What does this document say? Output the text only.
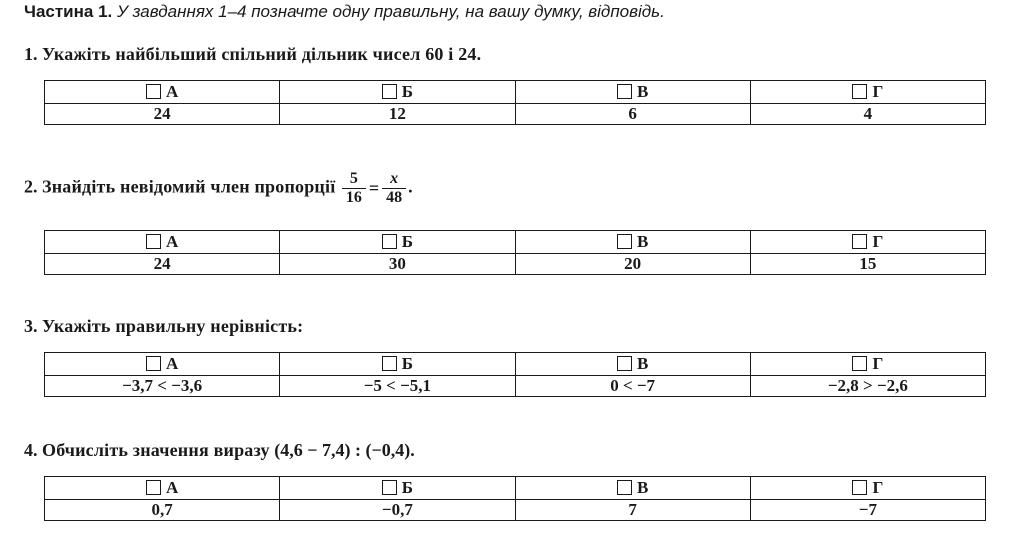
Частина 1. У завданнях 1–4 позначте одну правильну, на вашу думку, відповідь.
1. Укажіть найбільший спільний дільник чисел 60 і 24.
А	Б	В	Г
24	12	6	4
2. Знайдіть невідомий член пропорції $\frac{5}{16} = \frac{x}{48}$ .
А	Б	В	Г
24	30	20	15
3. Укажіть правильну нерівність:
А	Б	В	Г
−3,7 < −3,6	−5 < −5,1	0 < −7	−2,8 > −2,6
4. Обчисліть значення виразу (4,6 − 7,4) : (−0,4).
А	Б	В	Г
0,7	−0,7	7	−7
